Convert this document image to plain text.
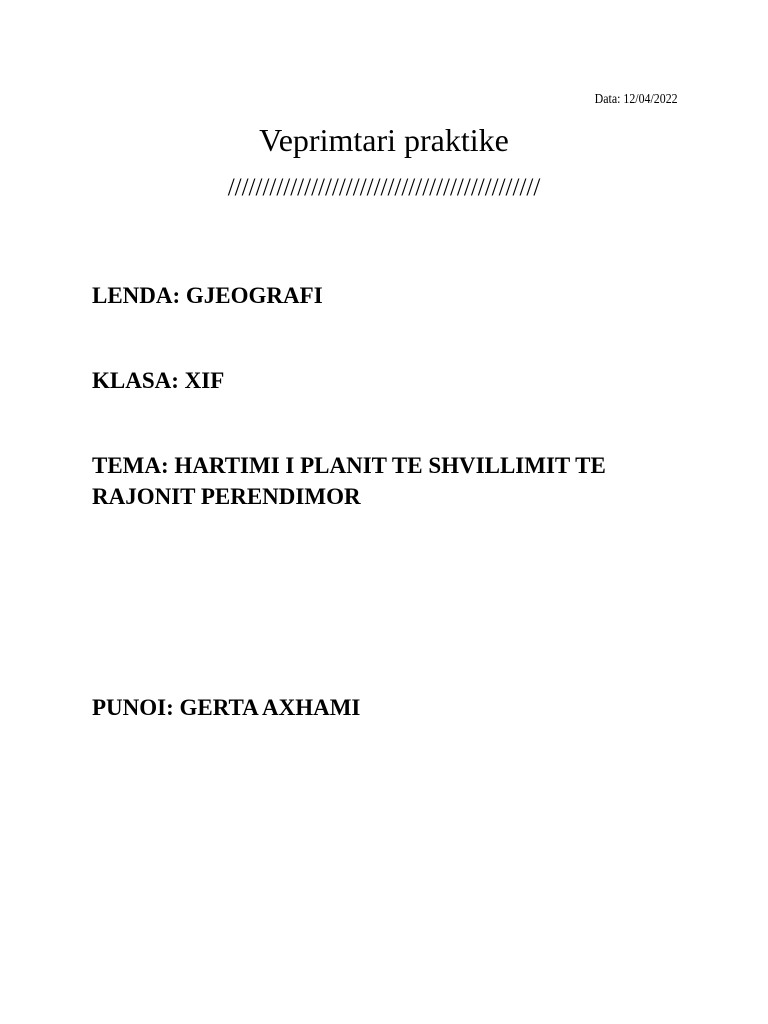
Data: 12/04/2022
Veprimtari praktike
/////////////////////////////////////////////

LENDA: GJEOGRAFI

KLASA: XIF

TEMA: HARTIMI I PLANIT TE SHVILLIMIT TE RAJONIT PERENDIMOR

PUNOI: GERTA AXHAMI
